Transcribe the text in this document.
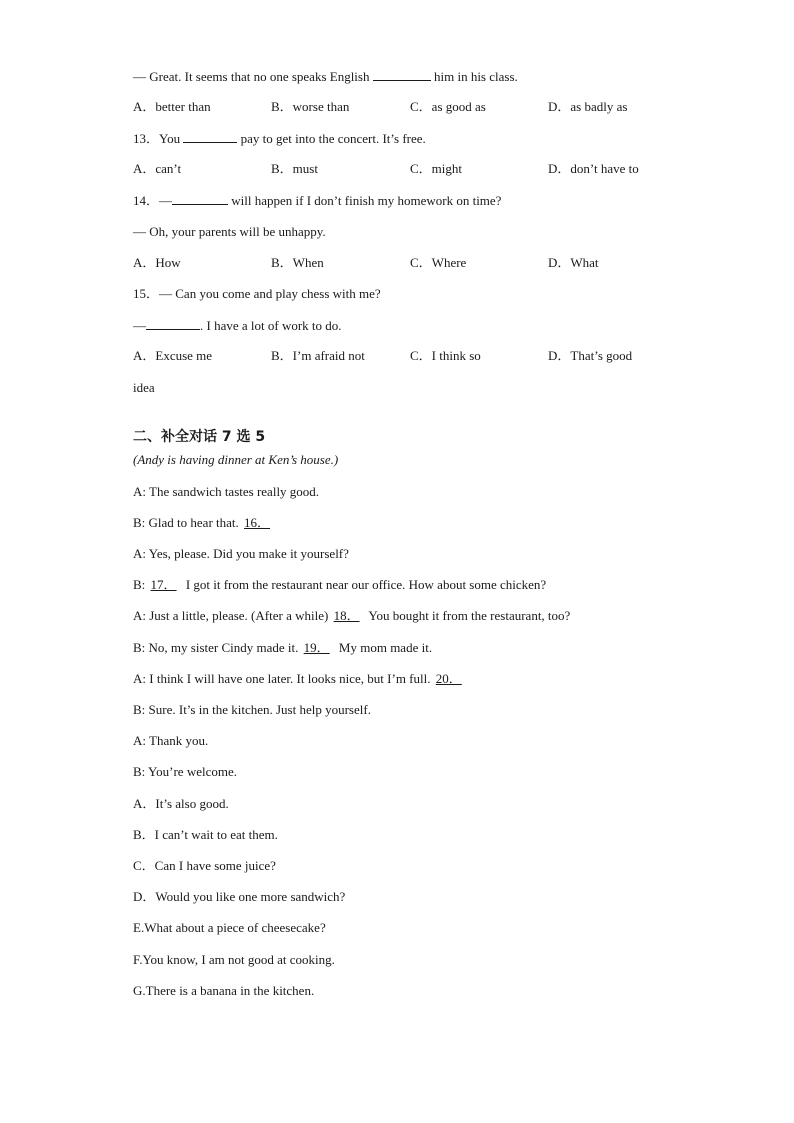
— Great. It seems that no one speaks English	him in his class.
A．better than	B．worse than	C．as good as	D．as badly as
13．You	pay to get into the concert. It’s free.
A．can’t	B．must	C．might	D．don’t have to
14．—	will happen if I don’t finish my homework on time?
— Oh, your parents will be unhappy.
A．How	B．When	C．Where	D．What
15．— Can you come and play chess with me?
—	. I have a lot of work to do.
A．Excuse me	B．I’m afraid not	C．I think so	D．That’s good
idea
二、补全对话 7 选 5
(Andy is having dinner at Ken’s house.)
A: The sandwich tastes really good.
B: Glad to hear that. 16．
A: Yes, please. Did you make it yourself?
B: 17． I got it from the restaurant near our office. How about some chicken?
A: Just a little, please. (After a while) 18． You bought it from the restaurant, too?
B: No, my sister Cindy made it. 19． My mom made it.
A: I think I will have one later. It looks nice, but I’m full. 20．
B: Sure. It’s in the kitchen. Just help yourself.
A: Thank you.
B: You’re welcome.
A．It’s also good.
B．I can’t wait to eat them.
C．Can I have some juice?
D．Would you like one more sandwich?
E.What about a piece of cheesecake?
F.You know, I am not good at cooking.
G.There is a banana in the kitchen.
